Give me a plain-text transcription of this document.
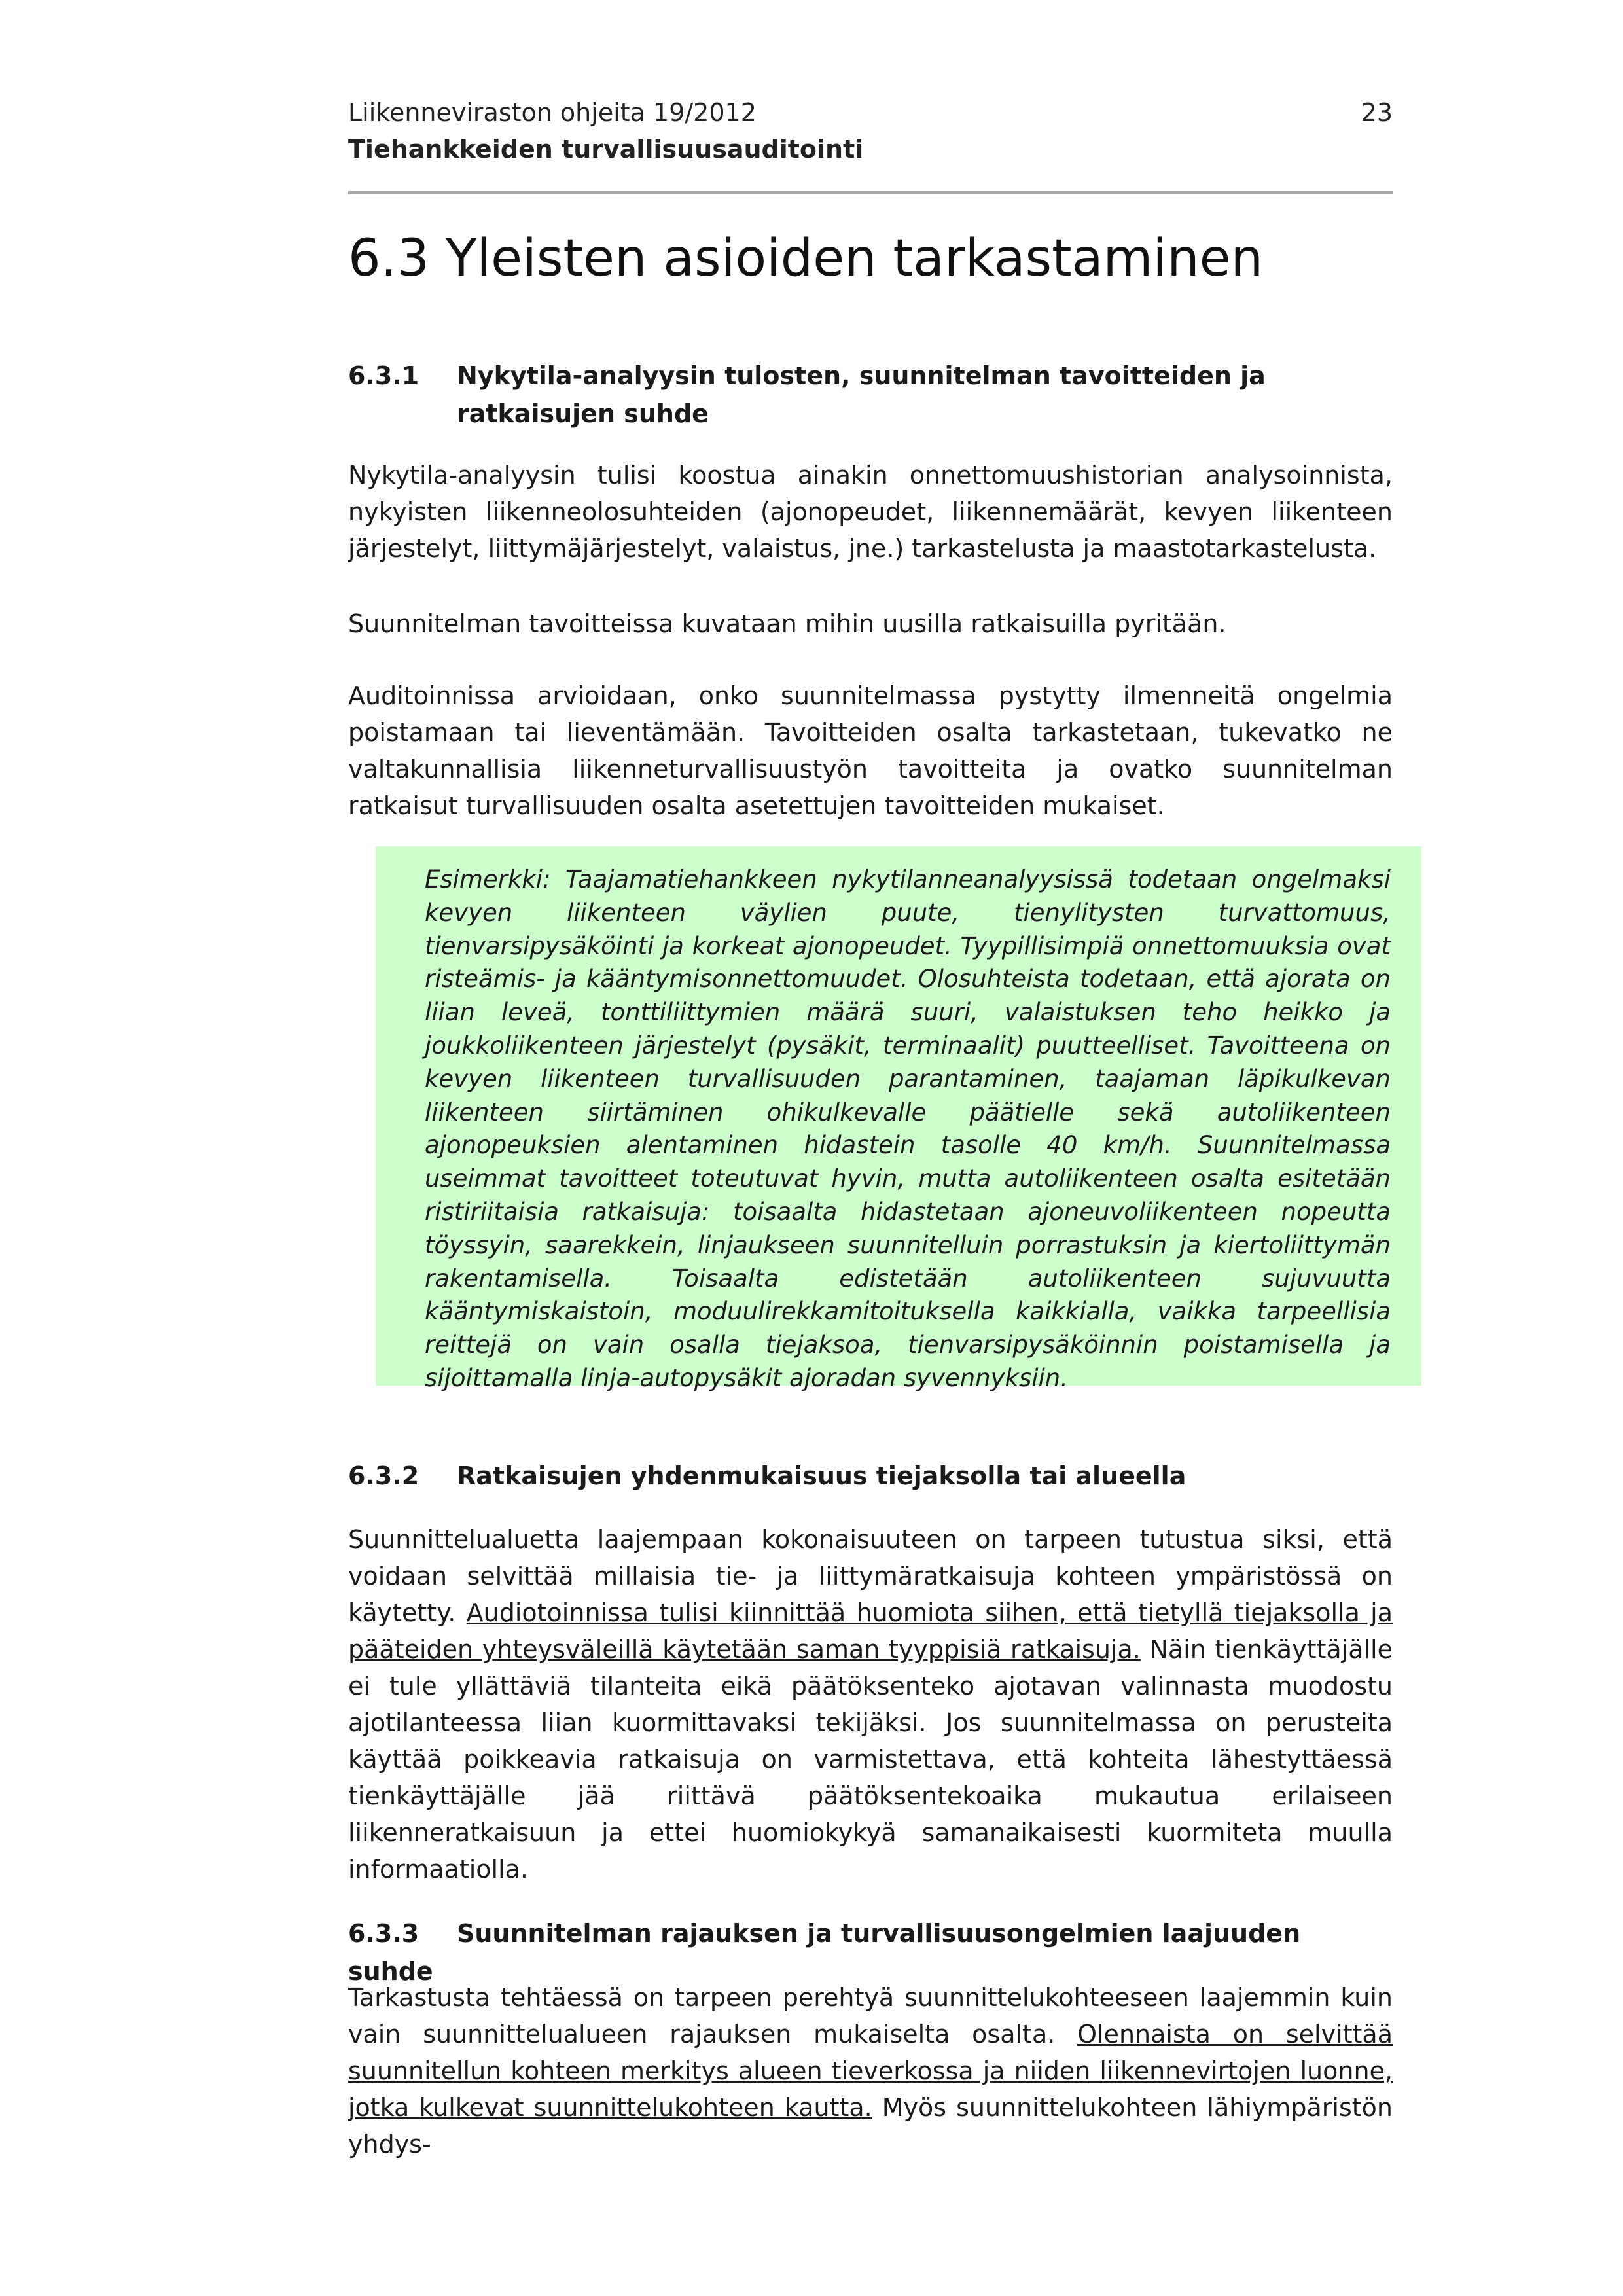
Liikenneviraston ohjeita 19/2012
Tiehankkeiden turvallisuusauditointi
23
6.3 Yleisten asioiden tarkastaminen
6.3.1 Nykytila-analyysin tulosten, suunnitelman tavoitteiden ja ratkaisujen suhde

Nykytila-analyysin tulisi koostua ainakin onnettomuushistorian analysoinnista, nykyisten liikenneolosuhteiden (ajonopeudet, liikennemäärät, kevyen liikenteen järjestelyt, liittymäjärjestelyt, valaistus, jne.) tarkastelusta ja maastotarkastelusta.

Suunnitelman tavoitteissa kuvataan mihin uusilla ratkaisuilla pyritään.

Auditoinnissa arvioidaan, onko suunnitelmassa pystytty ilmenneitä ongelmia poistamaan tai lieventämään. Tavoitteiden osalta tarkastetaan, tukevatko ne valtakunnallisia liikenneturvallisuustyön tavoitteita ja ovatko suunnitelman ratkaisut turvallisuuden osalta asetettujen tavoitteiden mukaiset.

Esimerkki: Taajamatiehankkeen nykytilanneanalyysissä todetaan ongelmaksi kevyen liikenteen väylien puute, tienylitysten turvattomuus, tienvarsipysäköinti ja korkeat ajonopeudet. Tyypillisimpiä onnettomuuksia ovat risteämis- ja kääntymisonnettomuudet. Olosuhteista todetaan, että ajorata on liian leveä, tonttiliittymien määrä suuri, valaistuksen teho heikko ja joukkoliikenteen järjestelyt (pysäkit, terminaalit) puutteelliset. Tavoitteena on kevyen liikenteen turvallisuuden parantaminen, taajaman läpikulkevan liikenteen siirtäminen ohikulkevalle päätielle sekä autoliikenteen ajonopeuksien alentaminen hidastein tasolle 40 km/h. Suunnitelmassa useimmat tavoitteet toteutuvat hyvin, mutta autoliikenteen osalta esitetään ristiriitaisia ratkaisuja: toisaalta hidastetaan ajoneuvoliikenteen nopeutta töyssyin, saarekkein, linjaukseen suunnitelluin porrastuksin ja kiertoliittymän rakentamisella. Toisaalta edistetään autoliikenteen sujuvuutta kääntymiskaistoin, moduulirekkamitoituksella kaikkialla, vaikka tarpeellisia reittejä on vain osalla tiejaksoa, tienvarsipysäköinnin poistamisella ja sijoittamalla linja-autopysäkit ajoradan syvennyksiin.

6.3.2 Ratkaisujen yhdenmukaisuus tiejaksolla tai alueella

Suunnittelualuetta laajempaan kokonaisuuteen on tarpeen tutustua siksi, että voidaan selvittää millaisia tie- ja liittymäratkaisuja kohteen ympäristössä on käytetty. Audiotoinnissa tulisi kiinnittää huomiota siihen, että tietyllä tiejaksolla ja pääteiden yhteysväleillä käytetään saman tyyppisiä ratkaisuja. Näin tienkäyttäjälle ei tule yllättäviä tilanteita eikä päätöksenteko ajotavan valinnasta muodostu ajotilanteessa liian kuormittavaksi tekijäksi. Jos suunnitelmassa on perusteita käyttää poikkeavia ratkaisuja on varmistettava, että kohteita lähestyttäessä tienkäyttäjälle jää riittävä päätöksentekoaika mukautua erilaiseen liikenneratkaisuun ja ettei huomiokykyä samanaikaisesti kuormiteta muulla informaatiolla.

6.3.3 Suunnitelman rajauksen ja turvallisuusongelmien laajuuden suhde

Tarkastusta tehtäessä on tarpeen perehtyä suunnittelukohteeseen laajemmin kuin vain suunnittelualueen rajauksen mukaiselta osalta. Olennaista on selvittää suunnitellun kohteen merkitys alueen tieverkossa ja niiden liikennevirtojen luonne, jotka kulkevat suunnittelukohteen kautta. Myös suunnittelukohteen lähiympäristön yhdys-
